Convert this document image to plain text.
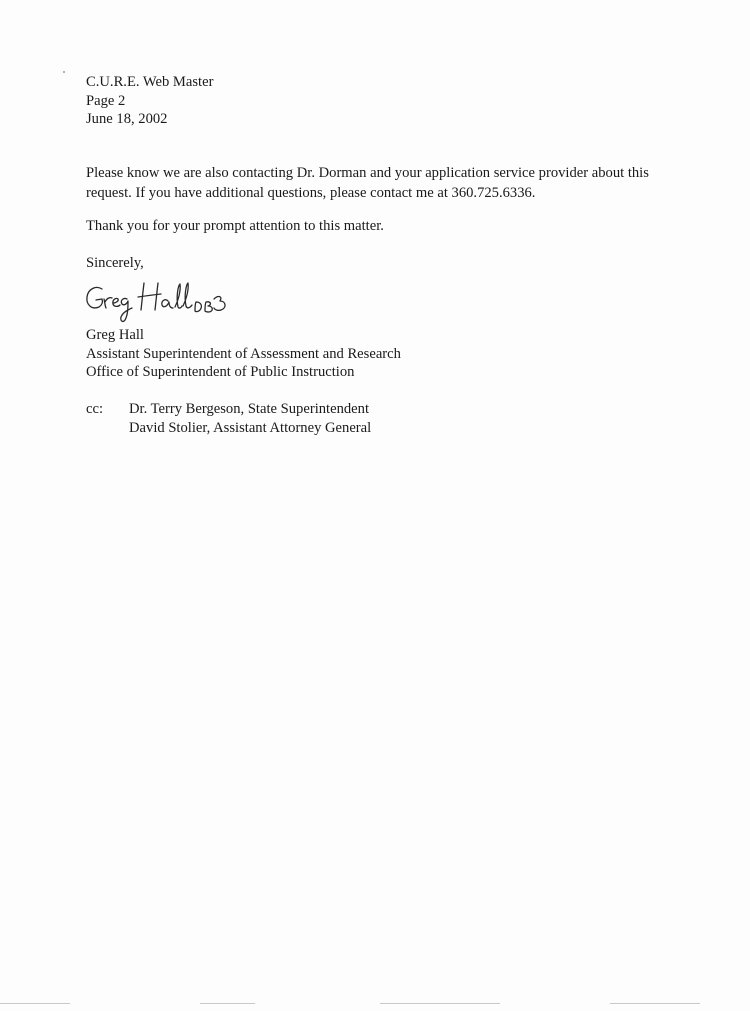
C.U.R.E. Web Master
Page 2
June 18, 2002
Please know we are also contacting Dr. Dorman and your application service provider about this
request. If you have additional questions, please contact me at 360.725.6336.
Thank you for your prompt attention to this matter.
Sincerely,
Greg Hall
Assistant Superintendent of Assessment and Research
Office of Superintendent of Public Instruction
cc:	Dr. Terry Bergeson, State Superintendent
David Stolier, Assistant Attorney General
